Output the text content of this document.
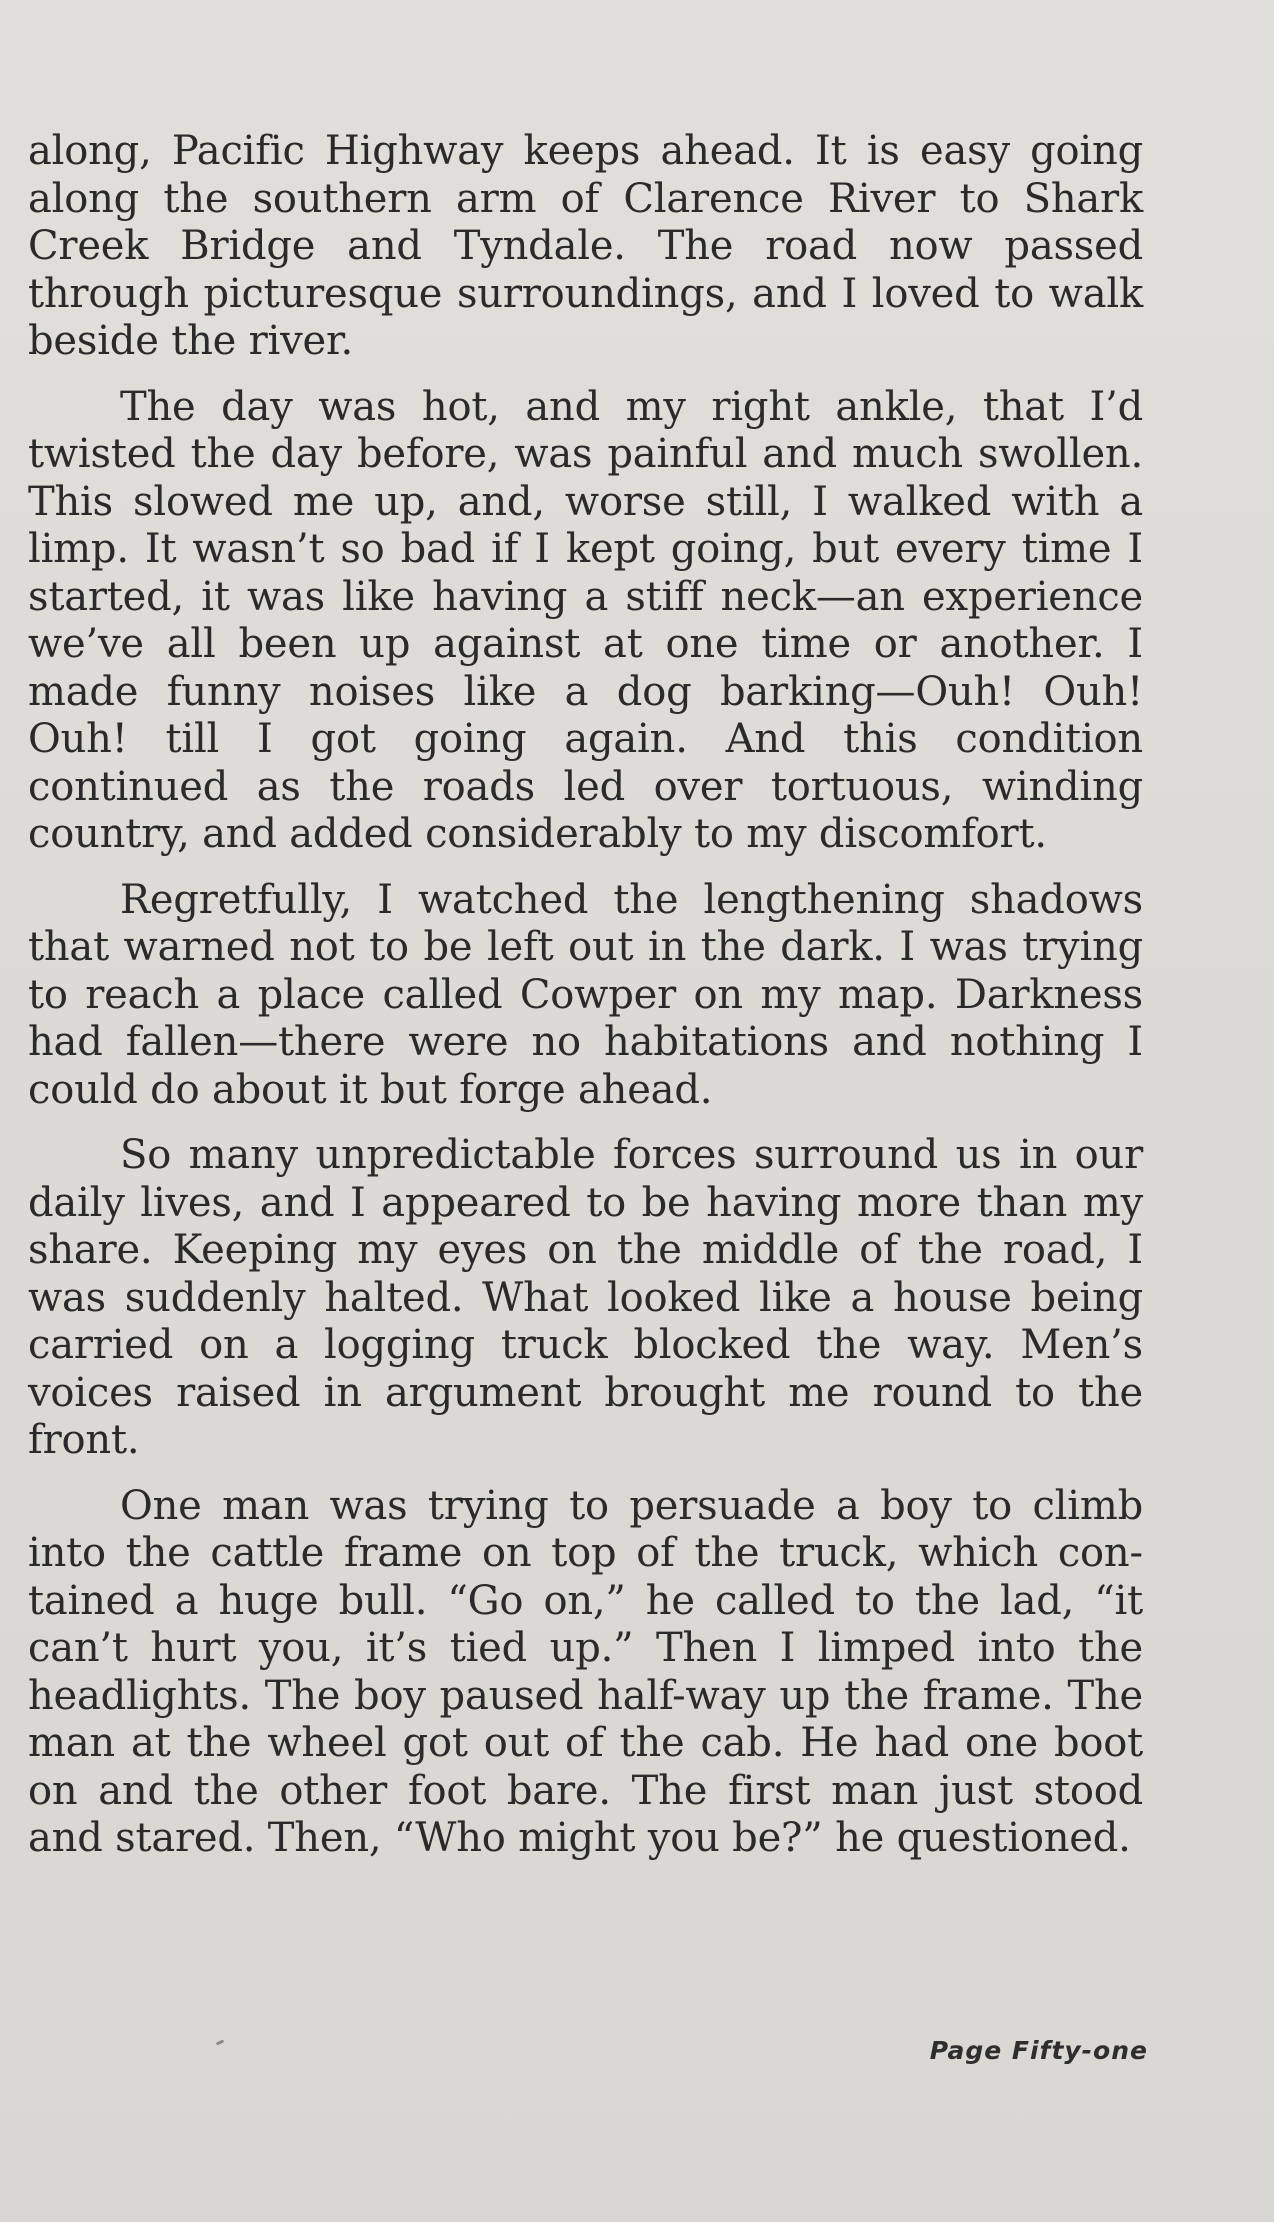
along, Pacific Highway keeps ahead. It is easy going along the southern arm of Clarence River to Shark Creek Bridge and Tyndale. The road now passed through picturesque surroundings, and I loved to walk beside the river.

The day was hot, and my right ankle, that I’d twisted the day before, was painful and much swollen. This slowed me up, and, worse still, I walked with a limp. It wasn’t so bad if I kept going, but every time I started, it was like having a stiff neck—an experience we’ve all been up against at one time or another. I made funny noises like a dog barking—Ouh! Ouh! Ouh! till I got going again. And this condition continued as the roads led over tortuous, winding country, and added considerably to my discomfort.

Regretfully, I watched the lengthening shadows that warned not to be left out in the dark. I was trying to reach a place called Cowper on my map. Darkness had fallen—there were no habitations and nothing I could do about it but forge ahead.

So many unpredictable forces surround us in our daily lives, and I appeared to be having more than my share. Keeping my eyes on the middle of the road, I was suddenly halted. What looked like a house being carried on a logging truck blocked the way. Men’s voices raised in argument brought me round to the front.

One man was trying to persuade a boy to climb into the cattle frame on top of the truck, which contained a huge bull. “Go on,” he called to the lad, “it can’t hurt you, it’s tied up.” Then I limped into the headlights. The boy paused half-way up the frame. The man at the wheel got out of the cab. He had one boot on and the other foot bare. The first man just stood and stared. Then, “Who might you be?” he questioned.

Page Fifty-one
